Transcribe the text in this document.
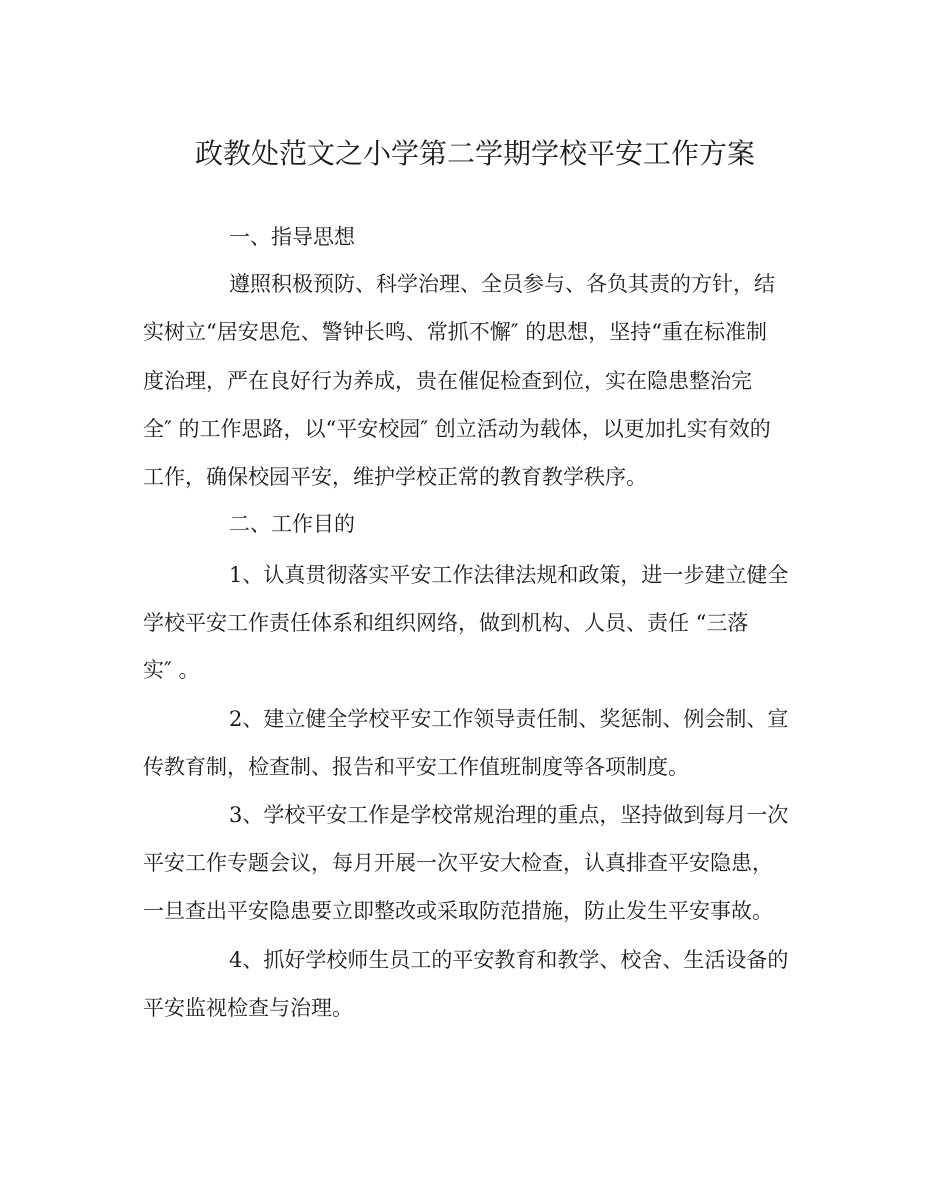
政教处范文之小学第二学期学校平安工作方案
一、指导思想
遵照积极预防、科学治理、全员参与、各负其责的方针，结
实树立“居安思危、警钟长鸣、常抓不懈″ 的思想，坚持“重在标准制
度治理，严在良好行为养成，贵在催促检查到位，实在隐患整治完
全″ 的工作思路，以“平安校园″ 创立活动为载体，以更加扎实有效的
工作，确保校园平安，维护学校正常的教育教学秩序。
二、工作目的
1、认真贯彻落实平安工作法律法规和政策，进一步建立健全
学校平安工作责任体系和组织网络，做到机构、人员、责任 “三落
实″ 。
2、建立健全学校平安工作领导责任制、奖惩制、例会制、宣
传教育制，检查制、报告和平安工作值班制度等各项制度。
3、学校平安工作是学校常规治理的重点，坚持做到每月一次
平安工作专题会议，每月开展一次平安大检查，认真排查平安隐患，
一旦查出平安隐患要立即整改或采取防范措施，防止发生平安事故。
4、抓好学校师生员工的平安教育和教学、校舍、生活设备的
平安监视检查与治理。
